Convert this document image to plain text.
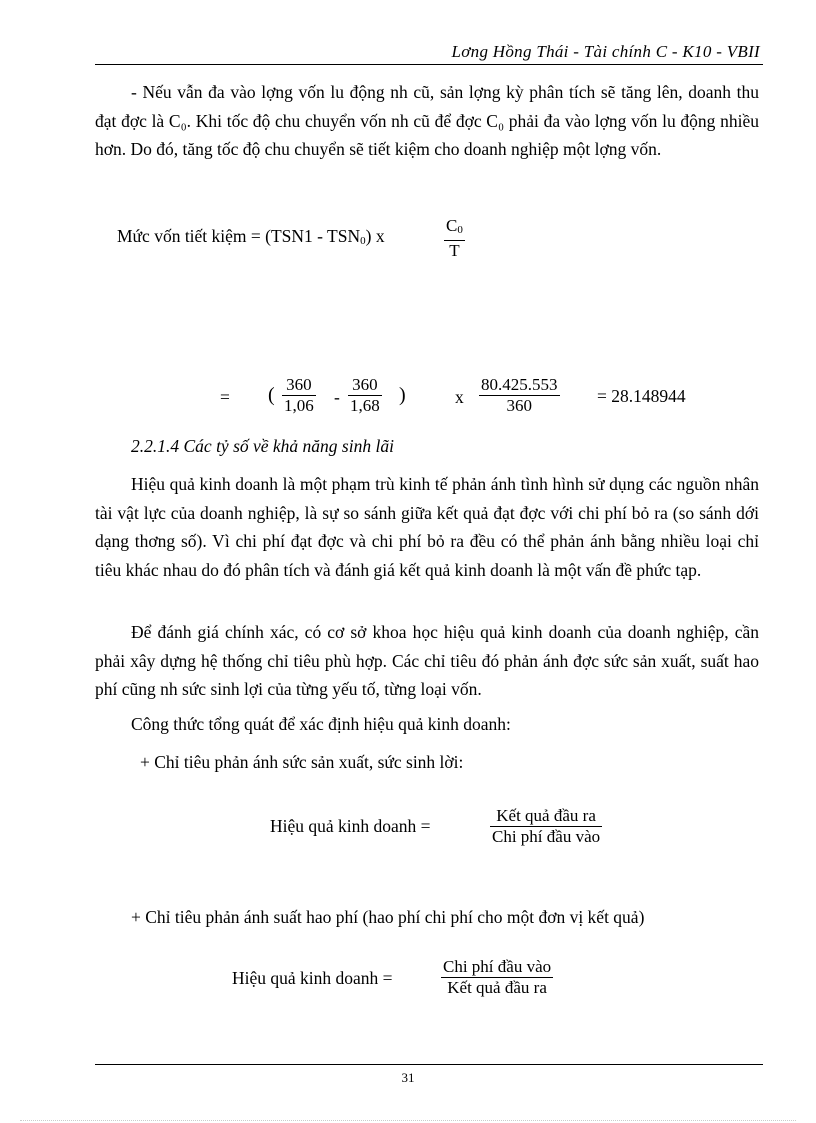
Lơng Hồng Thái - Tài chính C - K10 - VBII
- Nếu vẫn đa vào lợng vốn lu động nh cũ, sản lợng kỳ phân tích sẽ tăng lên, doanh thu đạt đợc là C₀. Khi tốc độ chu chuyển vốn nh cũ để đợc C₀ phải đa vào lợng vốn lu động nhiều hơn. Do đó, tăng tốc độ chu chuyển sẽ tiết kiệm cho doanh nghiệp một lợng vốn.
Mức vốn tiết kiệm = (TSN1 - TSN0) x	$\frac{C0}{T}$
= ( $\frac{360}{1,06} - \frac{360}{1,68}$ )	x $\frac{80.425.553}{360} = 28.148944$
2.2.1.4 Các tỷ số về khả năng sinh lãi
Hiệu quả kinh doanh là một phạm trù kinh tế phản ánh tình hình sử dụng các nguồn nhân tài vật lực của doanh nghiệp, là sự so sánh giữa kết quả đạt đợc với chi phí bỏ ra (so sánh dới dạng thơng số). Vì chi phí đạt đợc và chi phí bỏ ra đều có thể phản ánh bằng nhiều loại chỉ tiêu khác nhau do đó phân tích và đánh giá kết quả kinh doanh là một vấn đề phức tạp.
Để đánh giá chính xác, có cơ sở khoa học hiệu quả kinh doanh của doanh nghiệp, cần phải xây dựng hệ thống chỉ tiêu phù hợp. Các chỉ tiêu đó phản ánh đợc sức sản xuất, suất hao phí cũng nh sức sinh lợi của từng yếu tố, từng loại vốn.
Công thức tổng quát để xác định hiệu quả kinh doanh:
+ Chỉ tiêu phản ánh sức sản xuất, sức sinh lời:
Hiệu quả kinh doanh =
Kết quả đầu ra
Chi phí đầu vào
+ Chỉ tiêu phản ánh suất hao phí (hao phí chi phí cho một đơn vị kết quả)
Hiệu quả kinh doanh =
Chi phí đầu vào
Kết quả đầu ra
31
